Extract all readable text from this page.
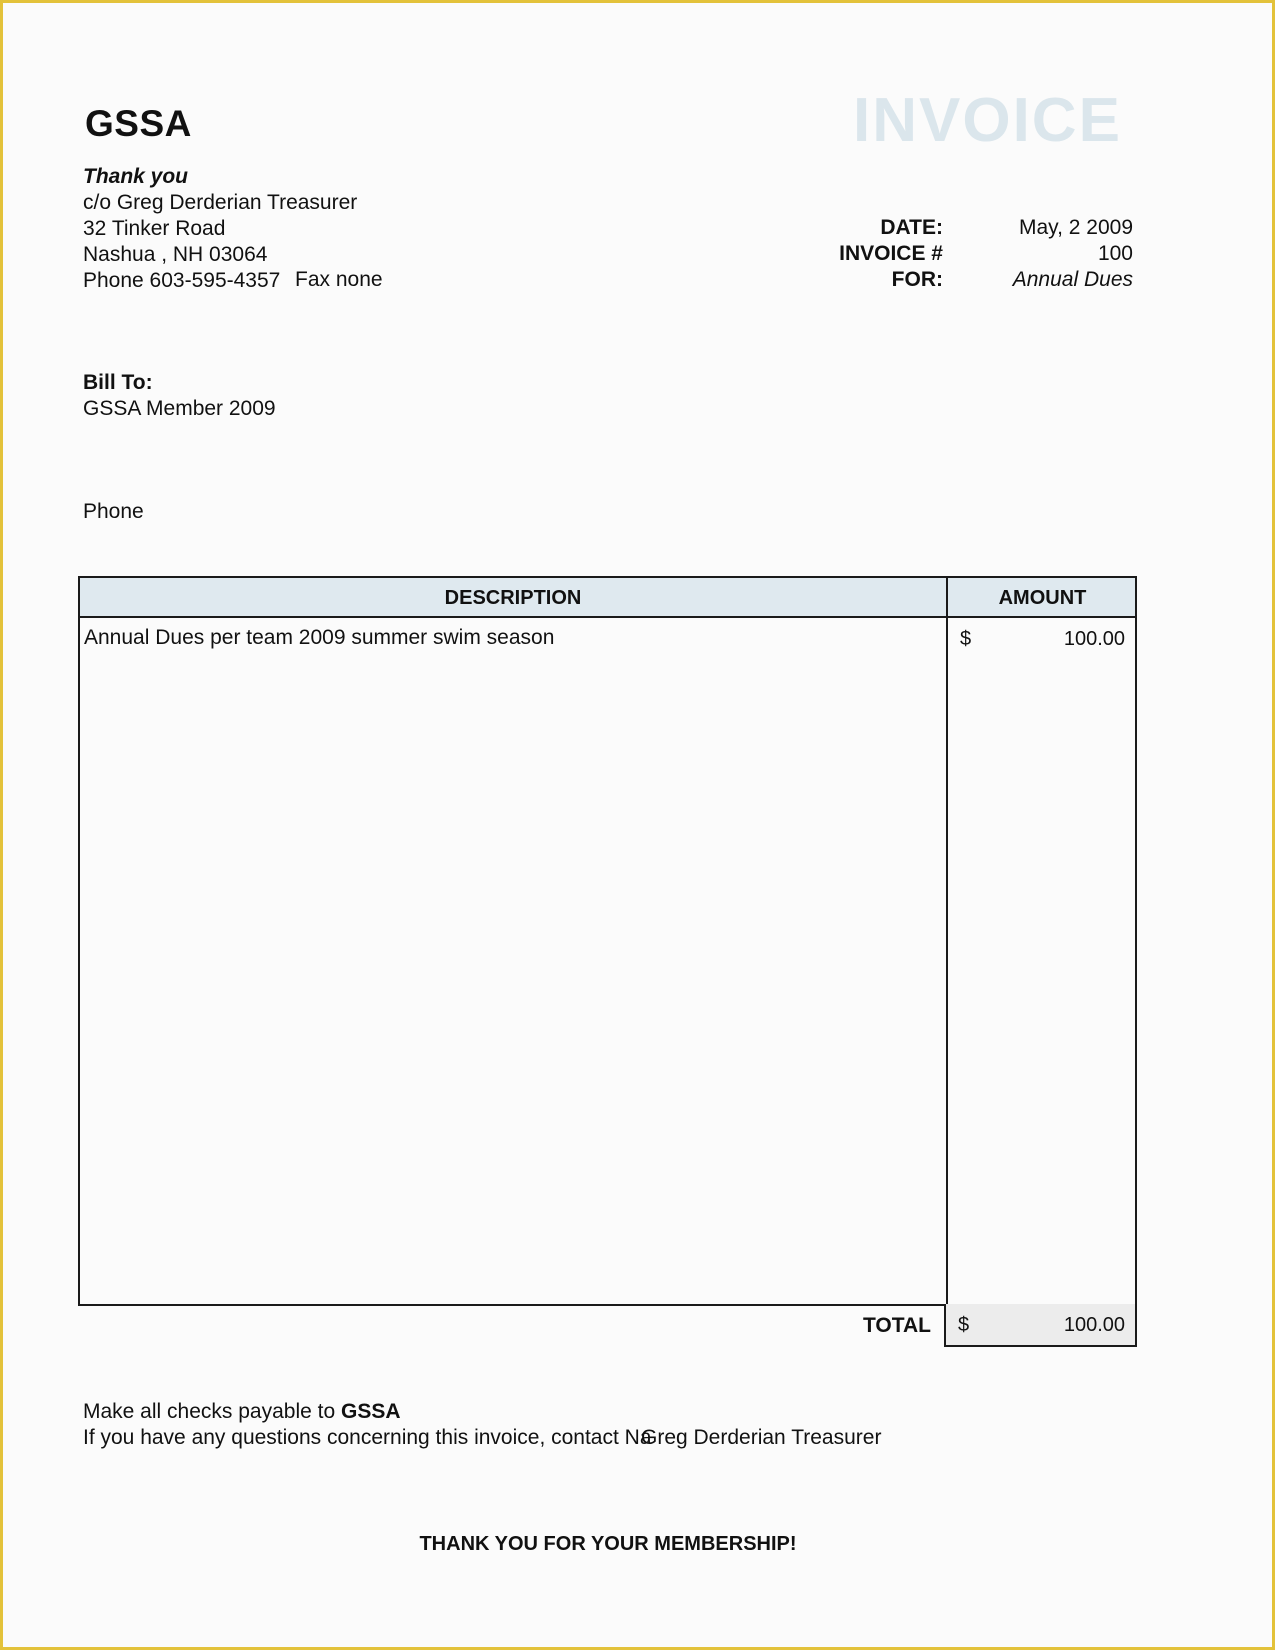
GSSA	INVOICE
Thank you
c/o Greg Derderian Treasurer
32 Tinker Road
Nashua , NH 03064
Phone 603-595-4357 Fax none
DATE:	May, 2 2009
INVOICE #	100
FOR:	Annual Dues
Bill To:
GSSA Member 2009
Phone
DESCRIPTION	AMOUNT
Annual Dues per team 2009 summer swim season	$	100.00
TOTAL $	100.00
Make all checks payable to GSSA
If you have any questions concerning this invoice, contact Na
Greg Derderian Treasurer
THANK YOU FOR YOUR MEMBERSHIP!
